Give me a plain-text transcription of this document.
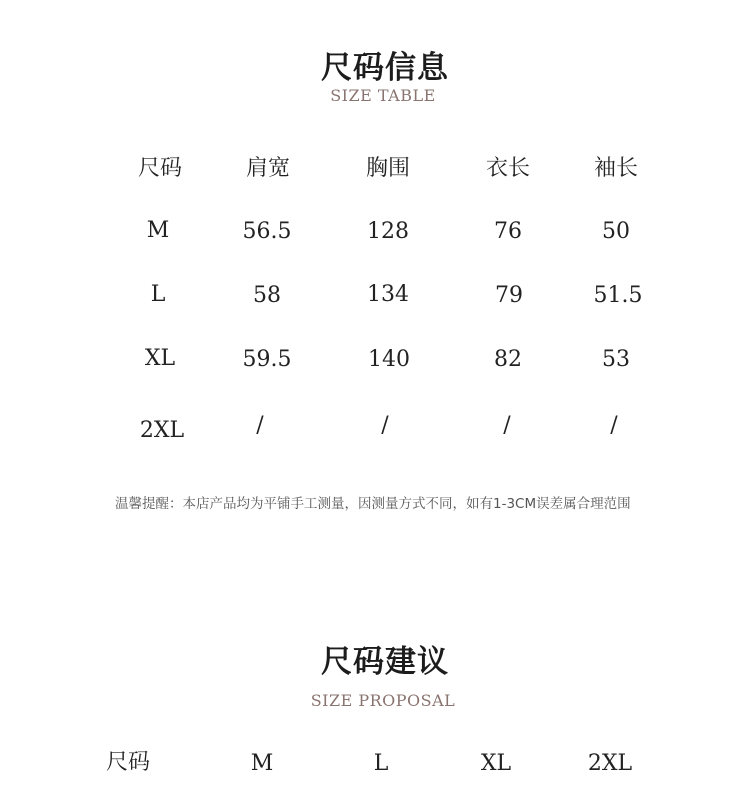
尺码信息
SIZE TABLE
尺码	肩宽	胸围	衣长	袖长
M	56.5	128	76	50
L	58	134	79	51.5
XL	59.5	140	82	53
2XL	/	/	/	/
温馨提醒：本店产品均为平铺手工测量，因测量方式不同，如有1-3CM误差属合理范围
尺码建议
SIZE PROPOSAL
尺码	M	L	XL	2XL
